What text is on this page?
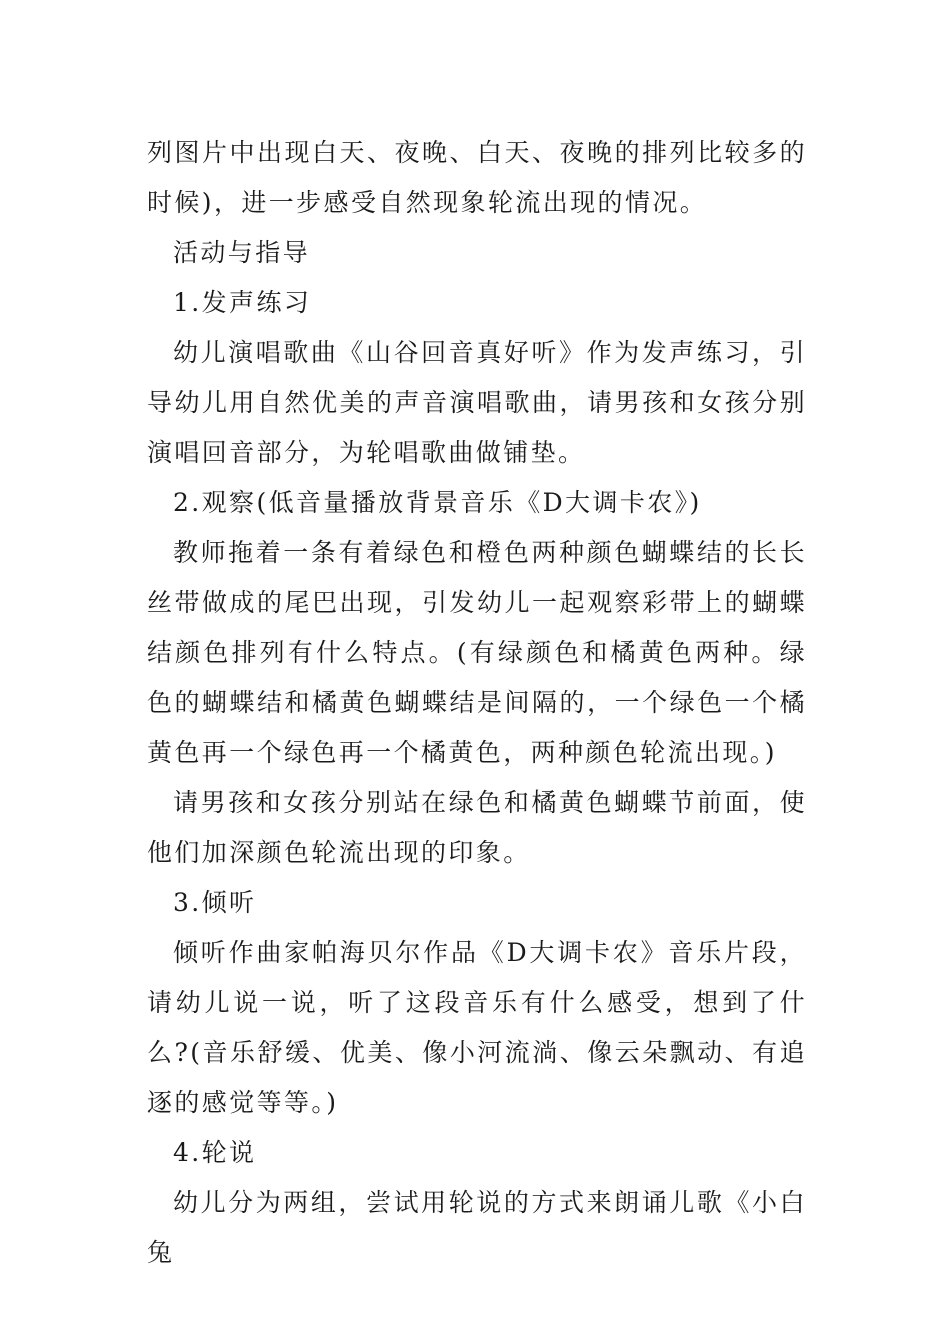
列图片中出现白天、夜晚、白天、夜晚的排列比较多的时候)，进一步感受自然现象轮流出现的情况。

活动与指导

1.发声练习

幼儿演唱歌曲《山谷回音真好听》作为发声练习，引导幼儿用自然优美的声音演唱歌曲，请男孩和女孩分别演唱回音部分，为轮唱歌曲做铺垫。

2.观察(低音量播放背景音乐《D大调卡农》)

教师拖着一条有着绿色和橙色两种颜色蝴蝶结的长长丝带做成的尾巴出现，引发幼儿一起观察彩带上的蝴蝶结颜色排列有什么特点。(有绿颜色和橘黄色两种。绿色的蝴蝶结和橘黄色蝴蝶结是间隔的，一个绿色一个橘黄色再一个绿色再一个橘黄色，两种颜色轮流出现。)

请男孩和女孩分别站在绿色和橘黄色蝴蝶节前面，使他们加深颜色轮流出现的印象。

3.倾听

倾听作曲家帕海贝尔作品《D大调卡农》音乐片段，请幼儿说一说，听了这段音乐有什么感受，想到了什么?(音乐舒缓、优美、像小河流淌、像云朵飘动、有追逐的感觉等等。)

4.轮说

幼儿分为两组，尝试用轮说的方式来朗诵儿歌《小白兔
